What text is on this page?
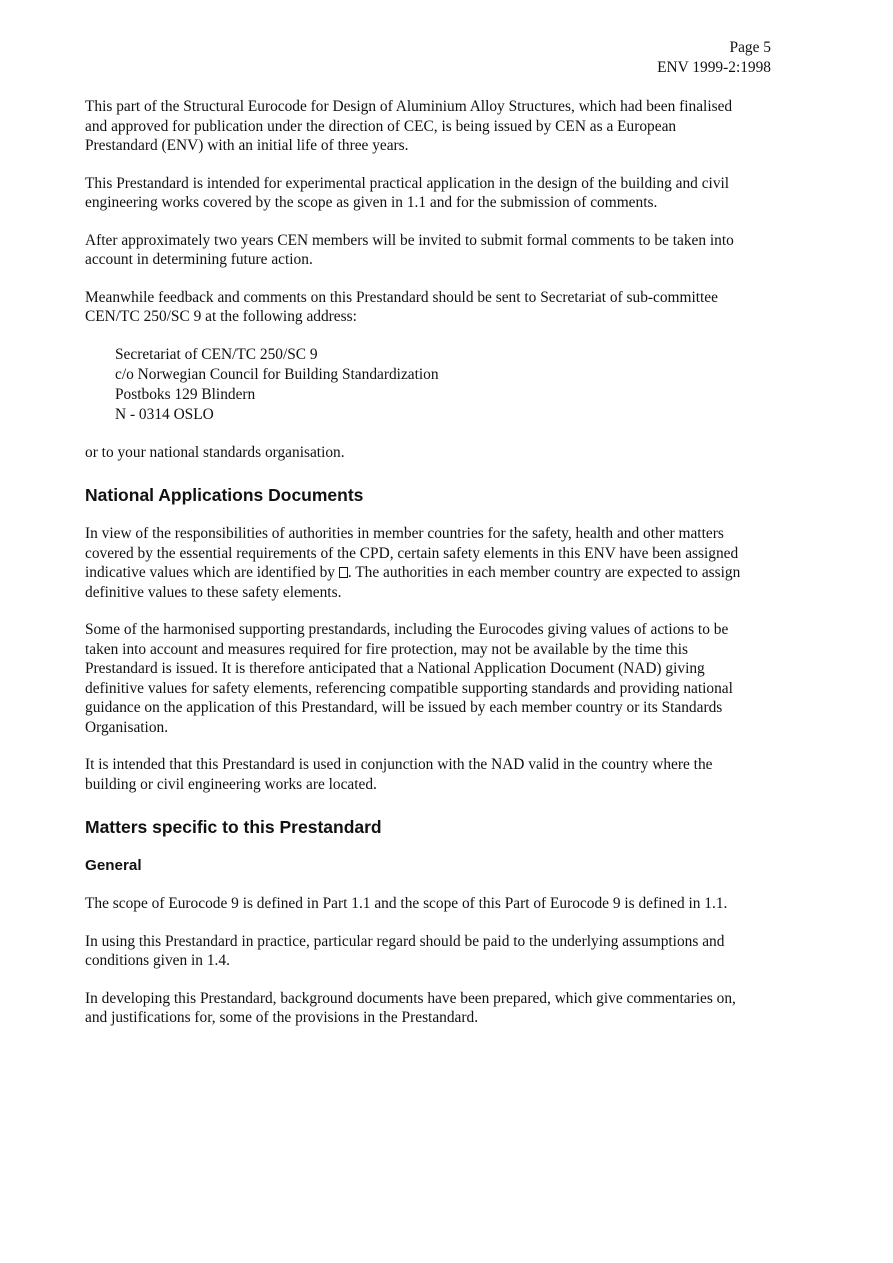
Page 5
ENV 1999-2:1998

This part of the Structural Eurocode for Design of Aluminium Alloy Structures, which had been finalised and approved for publication under the direction of CEC, is being issued by CEN as a European Prestandard (ENV) with an initial life of three years.

This Prestandard is intended for experimental practical application in the design of the building and civil engineering works covered by the scope as given in 1.1 and for the submission of comments.

After approximately two years CEN members will be invited to submit formal comments to be taken into account in determining future action.

Meanwhile feedback and comments on this Prestandard should be sent to Secretariat of sub-committee CEN/TC 250/SC 9 at the following address:

Secretariat of CEN/TC 250/SC 9
c/o Norwegian Council for Building Standardization
Postboks 129 Blindern
N - 0314 OSLO

or to your national standards organisation.

National Applications Documents

In view of the responsibilities of authorities in member countries for the safety, health and other matters covered by the essential requirements of the CPD, certain safety elements in this ENV have been assigned indicative values which are identified by . The authorities in each member country are expected to assign definitive values to these safety elements.

Some of the harmonised supporting prestandards, including the Eurocodes giving values of actions to be taken into account and measures required for fire protection, may not be available by the time this Prestandard is issued. It is therefore anticipated that a National Application Document (NAD) giving definitive values for safety elements, referencing compatible supporting standards and providing national guidance on the application of this Prestandard, will be issued by each member country or its Standards Organisation.

It is intended that this Prestandard is used in conjunction with the NAD valid in the country where the building or civil engineering works are located.

Matters specific to this Prestandard
General

The scope of Eurocode 9 is defined in Part 1.1 and the scope of this Part of Eurocode 9 is defined in 1.1.

In using this Prestandard in practice, particular regard should be paid to the underlying assumptions and conditions given in 1.4.

In developing this Prestandard, background documents have been prepared, which give commentaries on, and justifications for, some of the provisions in the Prestandard.
